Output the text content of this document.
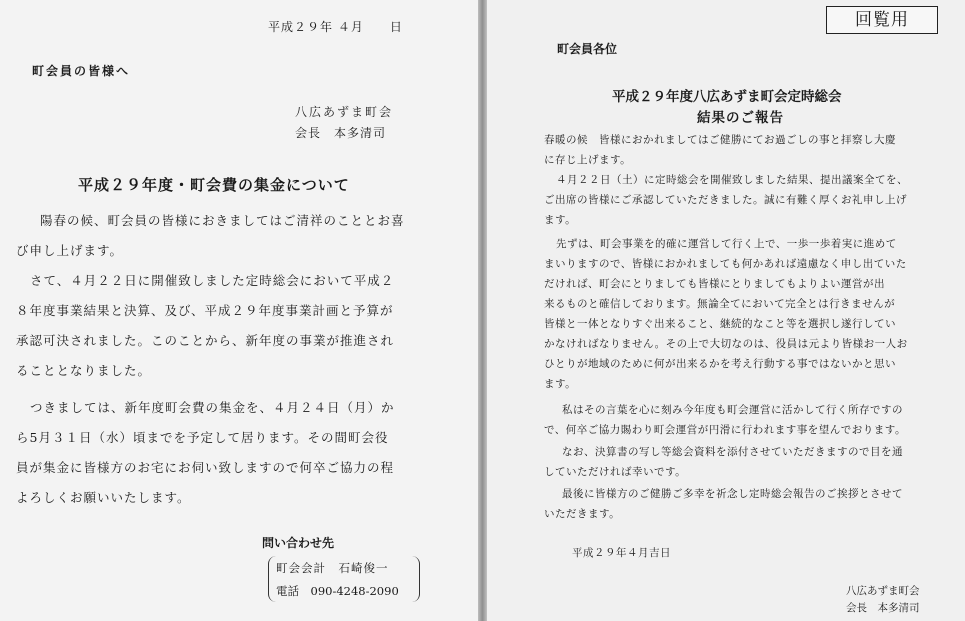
平成２９年 ４月　　日
町会員の皆様へ
八広あずま町会
会長　本多清司
平成２９年度・町会費の集金について
陽春の候、町会員の皆様におきましてはご清祥のこととお喜
び申し上げます。
さて、４月２２日に開催致しました定時総会において平成２
８年度事業結果と決算、及び、平成２９年度事業計画と予算が
承認可決されました。このことから、新年度の事業が推進され
ることとなりました。
つきましては、新年度町会費の集金を、４月２４日（月）か
ら5月３１日（水）頃までを予定して居ります。その間町会役
員が集金に皆様方のお宅にお伺い致しますので何卒ご協力の程
よろしくお願いいたします。
問い合わせ先
町会会計　石崎俊一
電話　090-4248-2090
回覧用
町会員各位
平成２９年度八広あずま町会定時総会
結果のご報告
春暖の候　皆様におかれましてはご健勝にてお過ごしの事と拝察し大慶
に存じ上げます。
４月２２日（土）に定時総会を開催致しました結果、提出議案全てを、
ご出席の皆様にご承認していただきました。誠に有難く厚くお礼申し上げ
ます。
先ずは、町会事業を的確に運営して行く上で、一歩一歩着実に進めて
まいりますので、皆様におかれましても何かあれば遠慮なく申し出ていた
だければ、町会にとりましても皆様にとりましてもよりよい運営が出
来るものと確信しております。無論全てにおいて完全とは行きませんが
皆様と一体となりすぐ出来ること、継続的なこと等を選択し遂行してい
かなければなりません。その上で大切なのは、役員は元より皆様お一人お
ひとりが地域のために何が出来るかを考え行動する事ではないかと思い
ます。
私はその言葉を心に刻み今年度も町会運営に活かして行く所存ですの
で、何卒ご協力賜わり町会運営が円滑に行われます事を望んでおります。
なお、決算書の写し等総会資料を添付させていただきますので目を通
していただければ幸いです。
最後に皆様方のご健勝ご多幸を祈念し定時総会報告のご挨拶とさせて
いただきます。
平成２９年４月吉日
八広あずま町会
会長　本多清司
